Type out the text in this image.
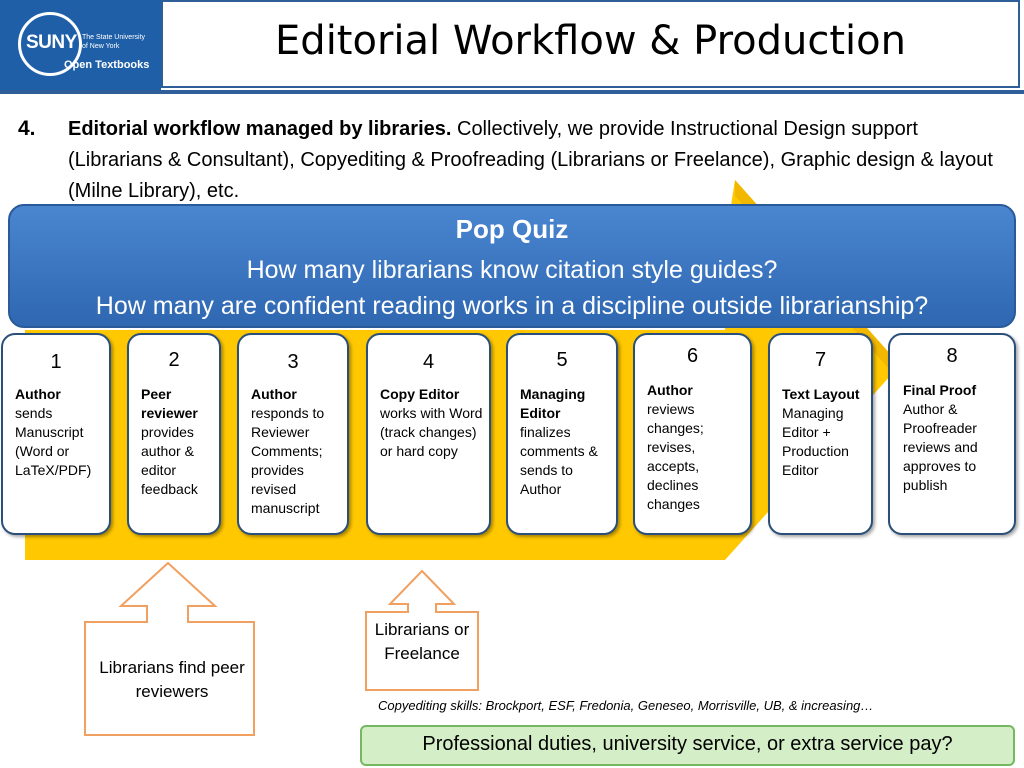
SUNY The State University
of New York
Open Textbooks
Editorial Workflow & Production
4. Editorial workflow managed by libraries. Collectively, we provide Instructional Design support (Librarians & Consultant), Copyediting & Proofreading (Librarians or Freelance), Graphic design & layout (Milne Library), etc.
Pop Quiz
How many librarians know citation style guides?
How many are confident reading works in a discipline outside librarianship?
1
Author
sends Manuscript (Word or LaTeX/PDF)
2
Peer reviewer
provides author & editor feedback
3
Author
responds to Reviewer Comments; provides revised manuscript
4
Copy Editor
works with Word (track changes) or hard copy
5
Managing Editor
finalizes comments & sends to Author
6
Author
reviews changes; revises, accepts, declines changes
7
Text Layout
Managing Editor + Production Editor
8
Final Proof
Author & Proofreader reviews and approves to publish
Librarians find peer reviewers
Librarians or Freelance
Copyediting skills: Brockport, ESF, Fredonia, Geneseo, Morrisville, UB, & increasing…
Professional duties, university service, or extra service pay?
